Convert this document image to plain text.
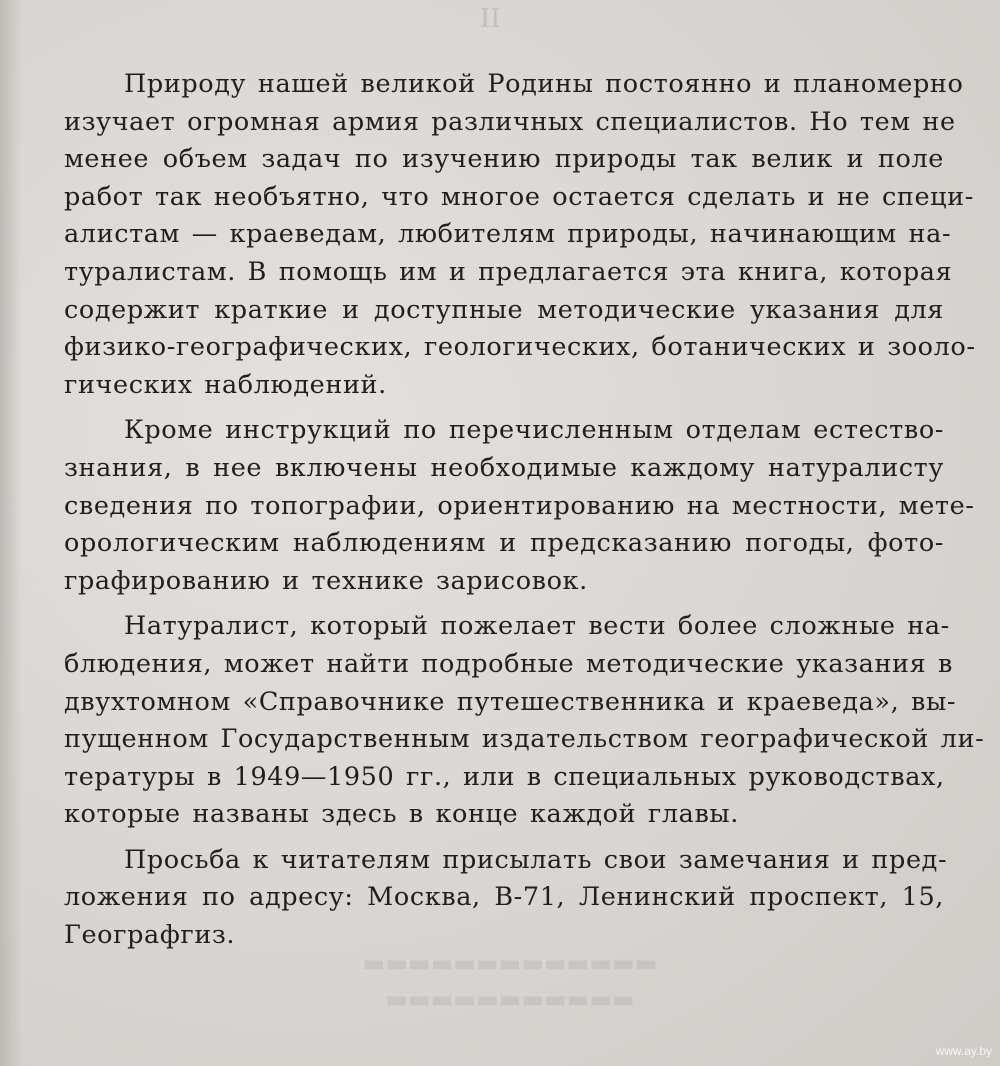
II

Природу нашей великой Родины постоянно и планомерно
изучает огромная армия различных специалистов. Но тем не
менее объем задач по изучению природы так велик и поле
работ так необъятно, что многое остается сделать и не специ-
алистам — краеведам, любителям природы, начинающим на-
туралистам. В помощь им и предлагается эта книга, которая
содержит краткие и доступные методические указания для
физико-географических, геологических, ботанических и зооло-
гических наблюдений.

Кроме инструкций по перечисленным отделам естество-
знания, в нее включены необходимые каждому натуралисту
сведения по топографии, ориентированию на местности, мете-
орологическим наблюдениям и предсказанию погоды, фото-
графированию и технике зарисовок.

Натуралист, который пожелает вести более сложные на-
блюдения, может найти подробные методические указания в
двухтомном «Справочнике путешественника и краеведа», вы-
пущенном Государственным издательством географической ли-
тературы в 1949—1950 гг., или в специальных руководствах,
которые названы здесь в конце каждой главы.

Просьба к читателям присылать свои замечания и пред-
ложения по адресу: Москва, В-71, Ленинский проспект, 15,
Географгиз.

▬▬▬▬▬▬▬▬▬▬▬▬▬
▬▬▬▬▬▬▬▬▬▬▬
www.ay.by
